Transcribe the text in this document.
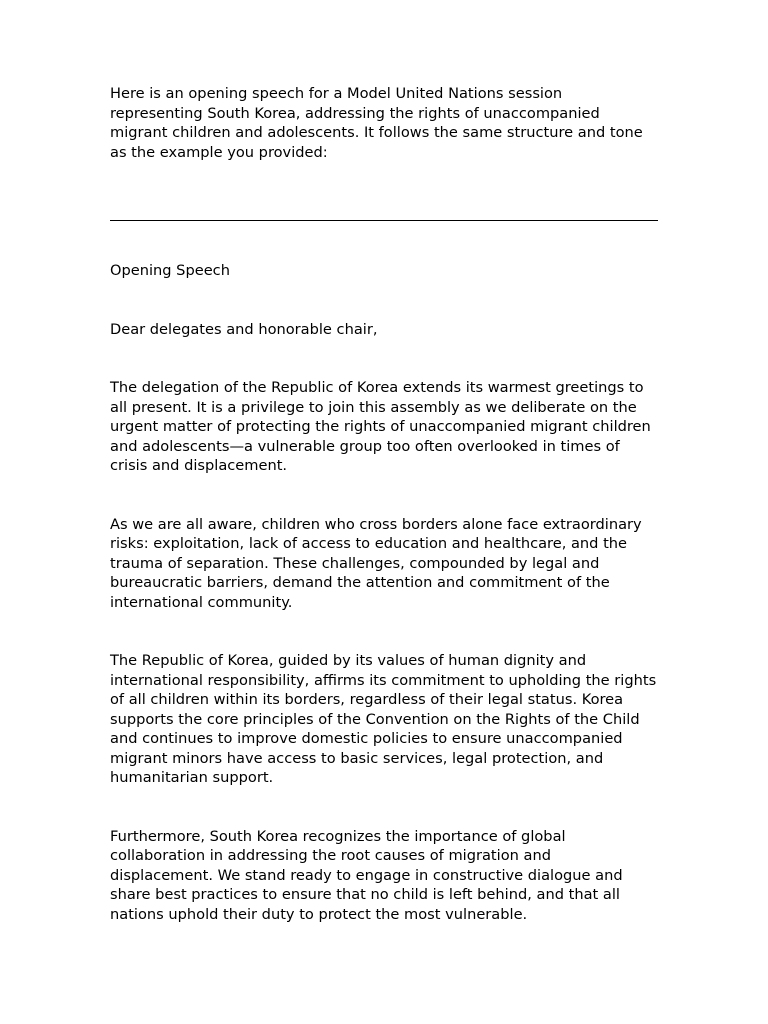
Here is an opening speech for a Model United Nations session representing South Korea, addressing the rights of unaccompanied migrant children and adolescents. It follows the same structure and tone as the example you provided:

Opening Speech

Dear delegates and honorable chair,

The delegation of the Republic of Korea extends its warmest greetings to all present. It is a privilege to join this assembly as we deliberate on the urgent matter of protecting the rights of unaccompanied migrant children and adolescents—a vulnerable group too often overlooked in times of crisis and displacement.

As we are all aware, children who cross borders alone face extraordinary risks: exploitation, lack of access to education and healthcare, and the trauma of separation. These challenges, compounded by legal and bureaucratic barriers, demand the attention and commitment of the international community.

The Republic of Korea, guided by its values of human dignity and international responsibility, affirms its commitment to upholding the rights of all children within its borders, regardless of their legal status. Korea supports the core principles of the Convention on the Rights of the Child and continues to improve domestic policies to ensure unaccompanied migrant minors have access to basic services, legal protection, and humanitarian support.

Furthermore, South Korea recognizes the importance of global collaboration in addressing the root causes of migration and displacement. We stand ready to engage in constructive dialogue and share best practices to ensure that no child is left behind, and that all nations uphold their duty to protect the most vulnerable.
